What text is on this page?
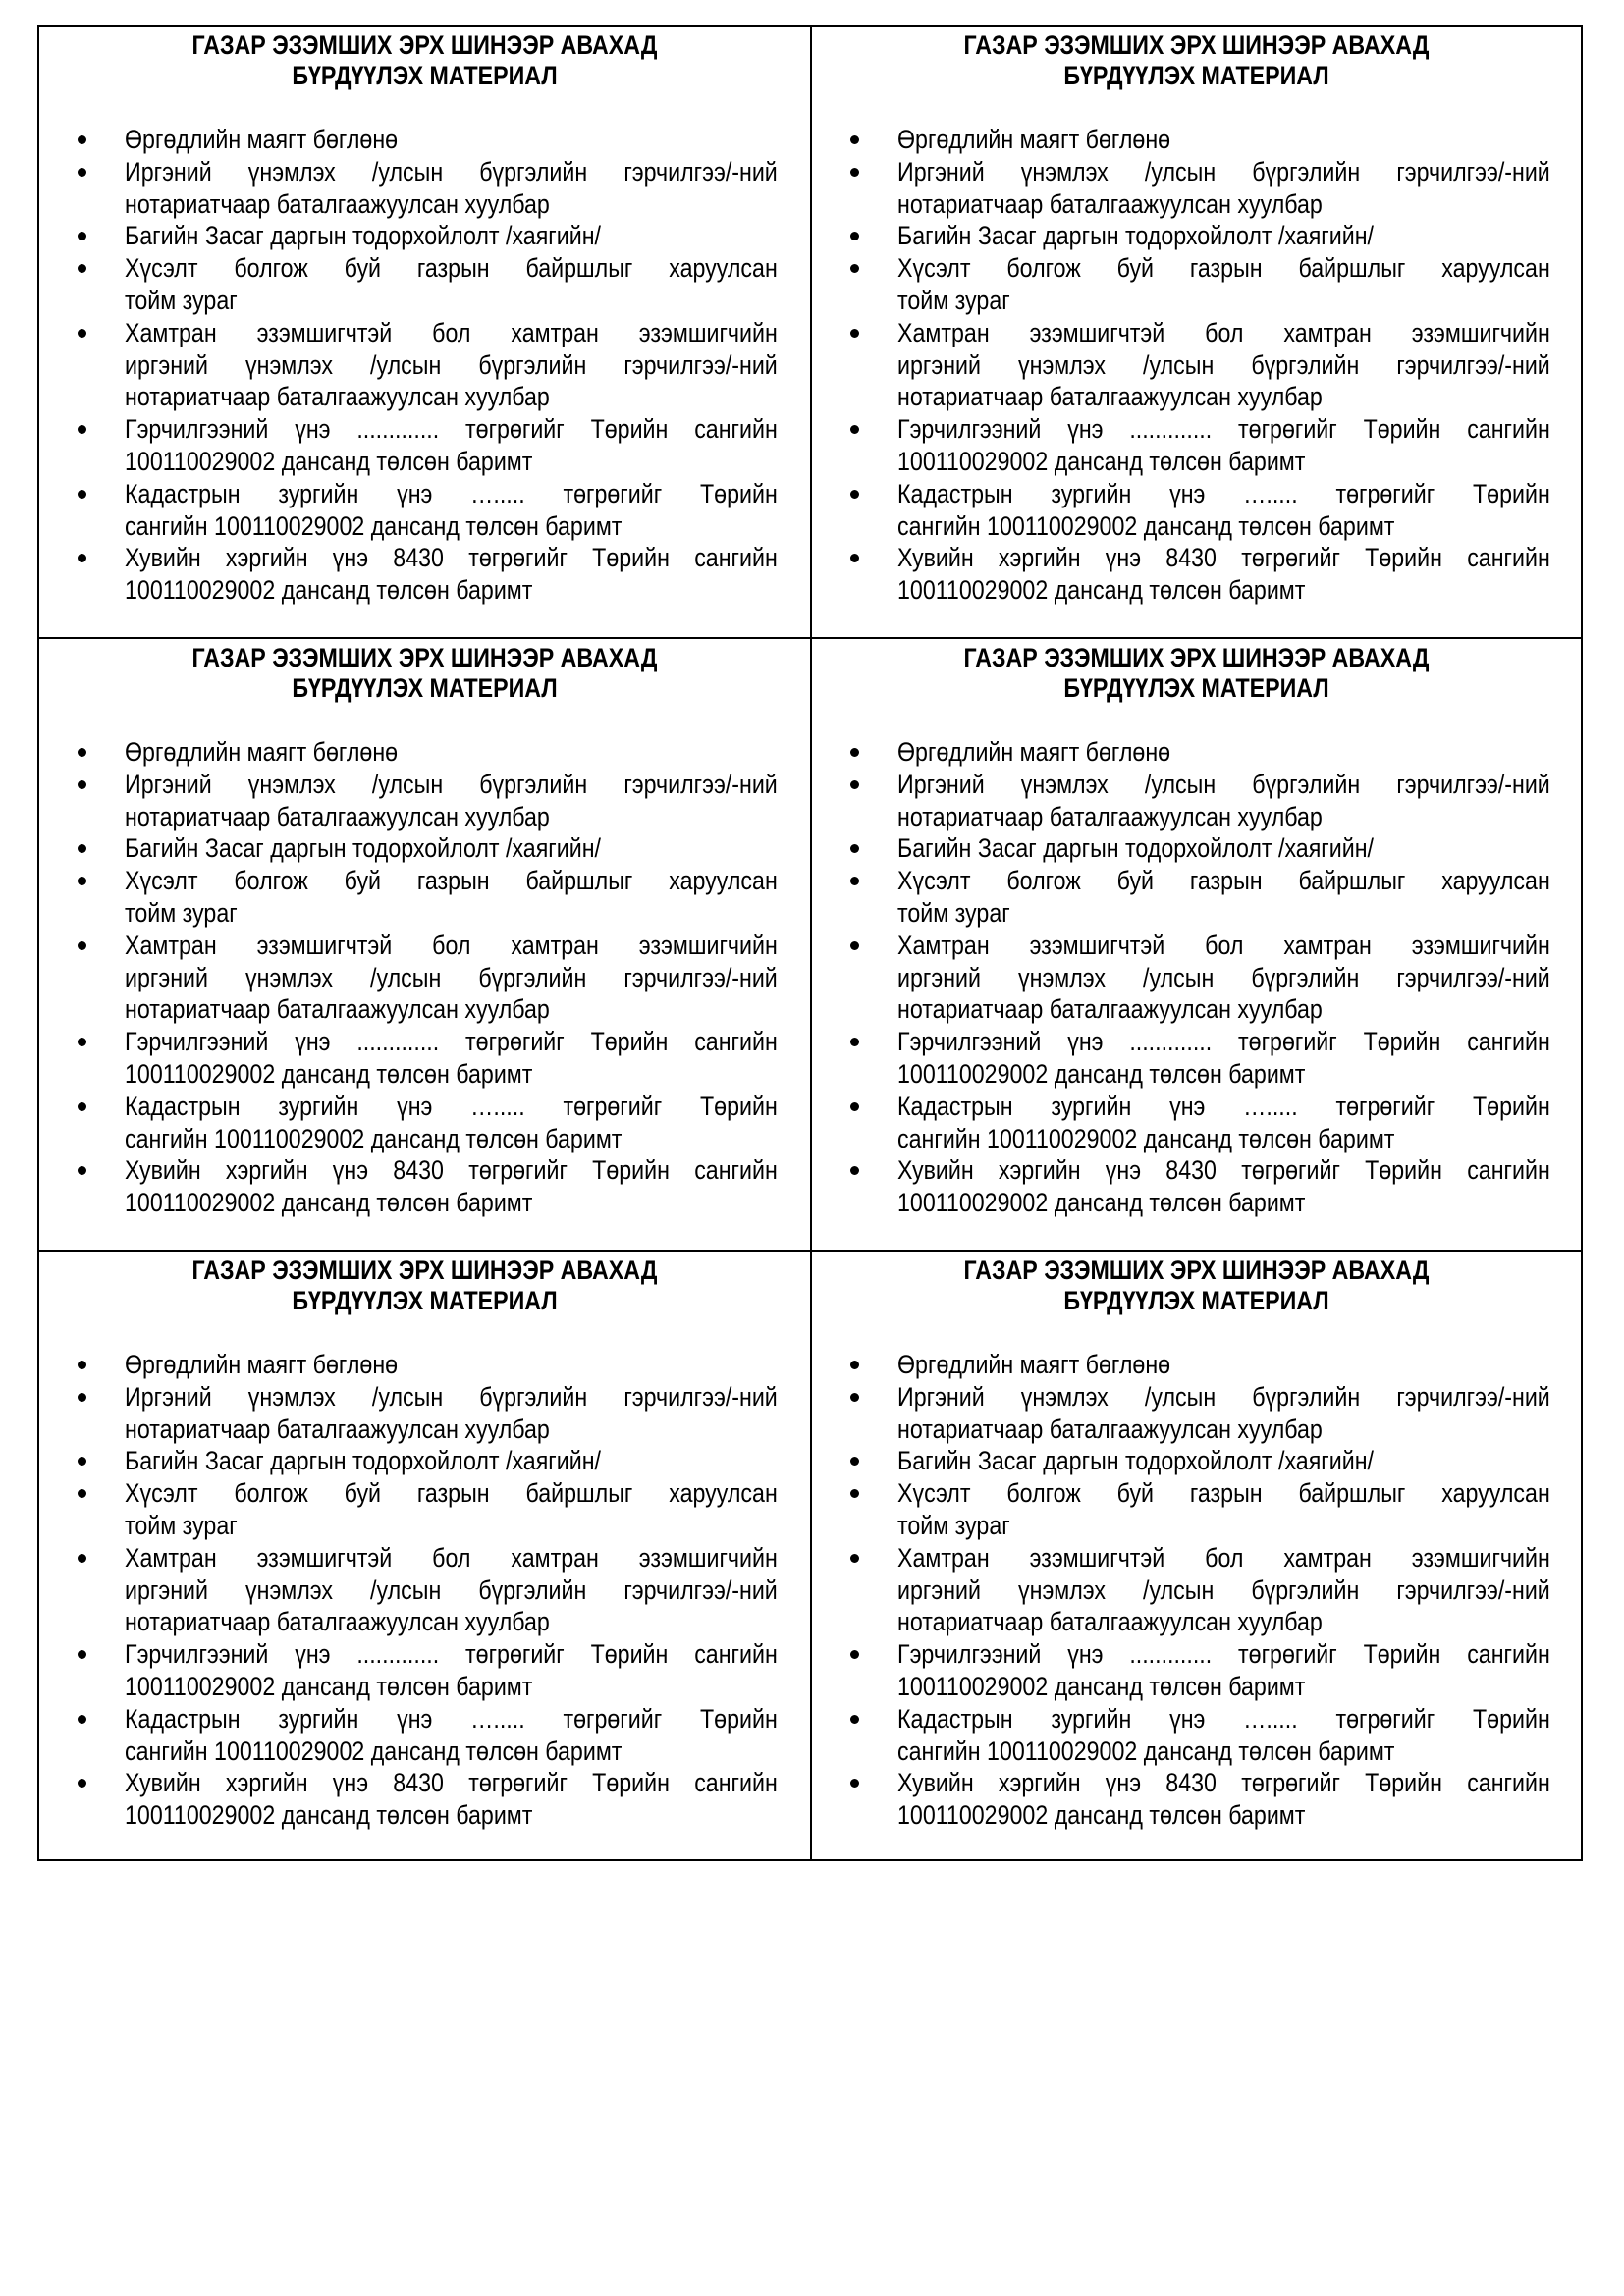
ГАЗАР ЭЗЭМШИХ ЭРХ ШИНЭЭР АВАХАД
БҮРДҮҮЛЭХ МАТЕРИАЛ
Өргөдлийн маягт бөглөнө
Иргэний үнэмлэх /улсын бүргэлийн гэрчилгээ/-ний
нотариатчаар баталгаажуулсан хуулбар
Багийн Засаг даргын тодорхойлолт /хаягийн/
Хүсэлт болгож буй газрын байршлыг харуулсан
тойм зураг
Хамтран эзэмшигчтэй бол хамтран эзэмшигчийн
иргэний үнэмлэх /улсын бүргэлийн гэрчилгээ/-ний
нотариатчаар баталгаажуулсан хуулбар
Гэрчилгээний үнэ ............. төгрөгийг Төрийн сангийн
100110029002 дансанд төлсөн баримт
Кадастрын зургийн үнэ …..... төгрөгийг Төрийн
сангийн 100110029002 дансанд төлсөн баримт
Хувийн хэргийн үнэ 8430 төгрөгийг Төрийн сангийн
100110029002 дансанд төлсөн баримт
ГАЗАР ЭЗЭМШИХ ЭРХ ШИНЭЭР АВАХАД
БҮРДҮҮЛЭХ МАТЕРИАЛ
Өргөдлийн маягт бөглөнө
Иргэний үнэмлэх /улсын бүргэлийн гэрчилгээ/-ний
нотариатчаар баталгаажуулсан хуулбар
Багийн Засаг даргын тодорхойлолт /хаягийн/
Хүсэлт болгож буй газрын байршлыг харуулсан
тойм зураг
Хамтран эзэмшигчтэй бол хамтран эзэмшигчийн
иргэний үнэмлэх /улсын бүргэлийн гэрчилгээ/-ний
нотариатчаар баталгаажуулсан хуулбар
Гэрчилгээний үнэ ............. төгрөгийг Төрийн сангийн
100110029002 дансанд төлсөн баримт
Кадастрын зургийн үнэ …..... төгрөгийг Төрийн
сангийн 100110029002 дансанд төлсөн баримт
Хувийн хэргийн үнэ 8430 төгрөгийг Төрийн сангийн
100110029002 дансанд төлсөн баримт
ГАЗАР ЭЗЭМШИХ ЭРХ ШИНЭЭР АВАХАД
БҮРДҮҮЛЭХ МАТЕРИАЛ
Өргөдлийн маягт бөглөнө
Иргэний үнэмлэх /улсын бүргэлийн гэрчилгээ/-ний
нотариатчаар баталгаажуулсан хуулбар
Багийн Засаг даргын тодорхойлолт /хаягийн/
Хүсэлт болгож буй газрын байршлыг харуулсан
тойм зураг
Хамтран эзэмшигчтэй бол хамтран эзэмшигчийн
иргэний үнэмлэх /улсын бүргэлийн гэрчилгээ/-ний
нотариатчаар баталгаажуулсан хуулбар
Гэрчилгээний үнэ ............. төгрөгийг Төрийн сангийн
100110029002 дансанд төлсөн баримт
Кадастрын зургийн үнэ …..... төгрөгийг Төрийн
сангийн 100110029002 дансанд төлсөн баримт
Хувийн хэргийн үнэ 8430 төгрөгийг Төрийн сангийн
100110029002 дансанд төлсөн баримт
ГАЗАР ЭЗЭМШИХ ЭРХ ШИНЭЭР АВАХАД
БҮРДҮҮЛЭХ МАТЕРИАЛ
Өргөдлийн маягт бөглөнө
Иргэний үнэмлэх /улсын бүргэлийн гэрчилгээ/-ний
нотариатчаар баталгаажуулсан хуулбар
Багийн Засаг даргын тодорхойлолт /хаягийн/
Хүсэлт болгож буй газрын байршлыг харуулсан
тойм зураг
Хамтран эзэмшигчтэй бол хамтран эзэмшигчийн
иргэний үнэмлэх /улсын бүргэлийн гэрчилгээ/-ний
нотариатчаар баталгаажуулсан хуулбар
Гэрчилгээний үнэ ............. төгрөгийг Төрийн сангийн
100110029002 дансанд төлсөн баримт
Кадастрын зургийн үнэ …..... төгрөгийг Төрийн
сангийн 100110029002 дансанд төлсөн баримт
Хувийн хэргийн үнэ 8430 төгрөгийг Төрийн сангийн
100110029002 дансанд төлсөн баримт
ГАЗАР ЭЗЭМШИХ ЭРХ ШИНЭЭР АВАХАД
БҮРДҮҮЛЭХ МАТЕРИАЛ
Өргөдлийн маягт бөглөнө
Иргэний үнэмлэх /улсын бүргэлийн гэрчилгээ/-ний
нотариатчаар баталгаажуулсан хуулбар
Багийн Засаг даргын тодорхойлолт /хаягийн/
Хүсэлт болгож буй газрын байршлыг харуулсан
тойм зураг
Хамтран эзэмшигчтэй бол хамтран эзэмшигчийн
иргэний үнэмлэх /улсын бүргэлийн гэрчилгээ/-ний
нотариатчаар баталгаажуулсан хуулбар
Гэрчилгээний үнэ ............. төгрөгийг Төрийн сангийн
100110029002 дансанд төлсөн баримт
Кадастрын зургийн үнэ …..... төгрөгийг Төрийн
сангийн 100110029002 дансанд төлсөн баримт
Хувийн хэргийн үнэ 8430 төгрөгийг Төрийн сангийн
100110029002 дансанд төлсөн баримт
ГАЗАР ЭЗЭМШИХ ЭРХ ШИНЭЭР АВАХАД
БҮРДҮҮЛЭХ МАТЕРИАЛ
Өргөдлийн маягт бөглөнө
Иргэний үнэмлэх /улсын бүргэлийн гэрчилгээ/-ний
нотариатчаар баталгаажуулсан хуулбар
Багийн Засаг даргын тодорхойлолт /хаягийн/
Хүсэлт болгож буй газрын байршлыг харуулсан
тойм зураг
Хамтран эзэмшигчтэй бол хамтран эзэмшигчийн
иргэний үнэмлэх /улсын бүргэлийн гэрчилгээ/-ний
нотариатчаар баталгаажуулсан хуулбар
Гэрчилгээний үнэ ............. төгрөгийг Төрийн сангийн
100110029002 дансанд төлсөн баримт
Кадастрын зургийн үнэ …..... төгрөгийг Төрийн
сангийн 100110029002 дансанд төлсөн баримт
Хувийн хэргийн үнэ 8430 төгрөгийг Төрийн сангийн
100110029002 дансанд төлсөн баримт
